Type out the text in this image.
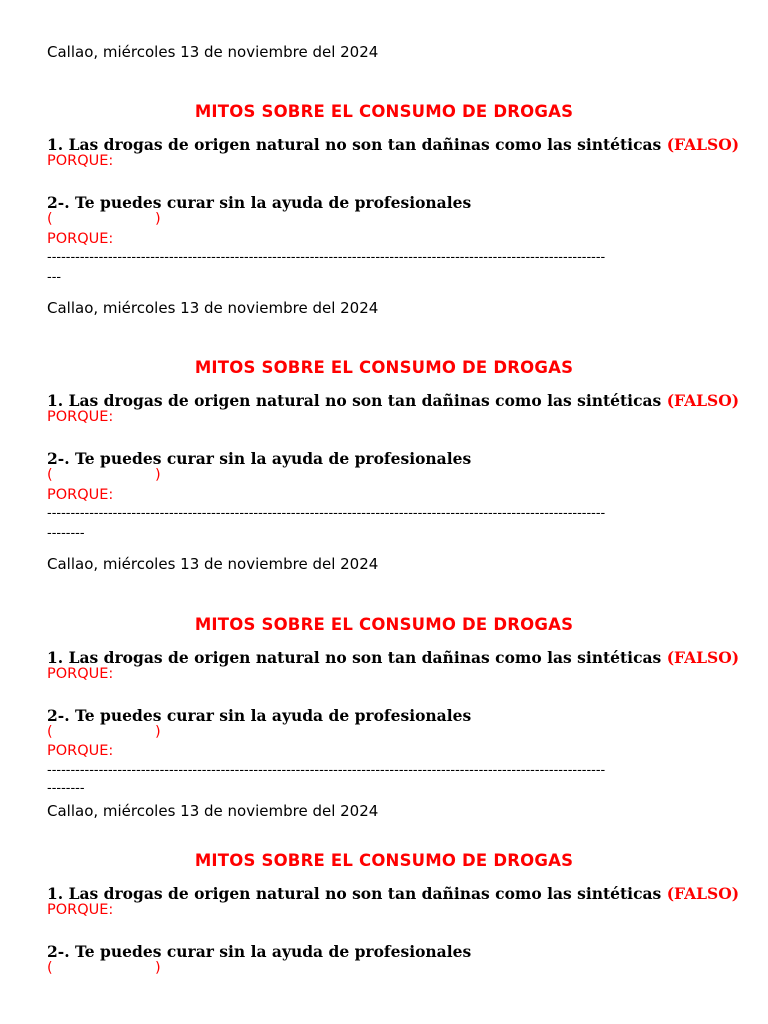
Callao, miércoles 13 de noviembre del 2024
MITOS SOBRE EL CONSUMO DE DROGAS
1. Las drogas de origen natural no son tan dañinas como las sintéticas (FALSO)
PORQUE:
2-. Te puedes curar sin la ayuda de profesionales
(	)
PORQUE:
-----------------------------------------------------------------------------------------------------------------------
---
Callao, miércoles 13 de noviembre del 2024
MITOS SOBRE EL CONSUMO DE DROGAS
1. Las drogas de origen natural no son tan dañinas como las sintéticas (FALSO)
PORQUE:
2-. Te puedes curar sin la ayuda de profesionales
(	)
PORQUE:
-----------------------------------------------------------------------------------------------------------------------
--------
Callao, miércoles 13 de noviembre del 2024
MITOS SOBRE EL CONSUMO DE DROGAS
1. Las drogas de origen natural no son tan dañinas como las sintéticas (FALSO)
PORQUE:
2-. Te puedes curar sin la ayuda de profesionales
(	)
PORQUE:
-----------------------------------------------------------------------------------------------------------------------
--------
Callao, miércoles 13 de noviembre del 2024
MITOS SOBRE EL CONSUMO DE DROGAS
1. Las drogas de origen natural no son tan dañinas como las sintéticas (FALSO)
PORQUE:
2-. Te puedes curar sin la ayuda de profesionales
(	)
